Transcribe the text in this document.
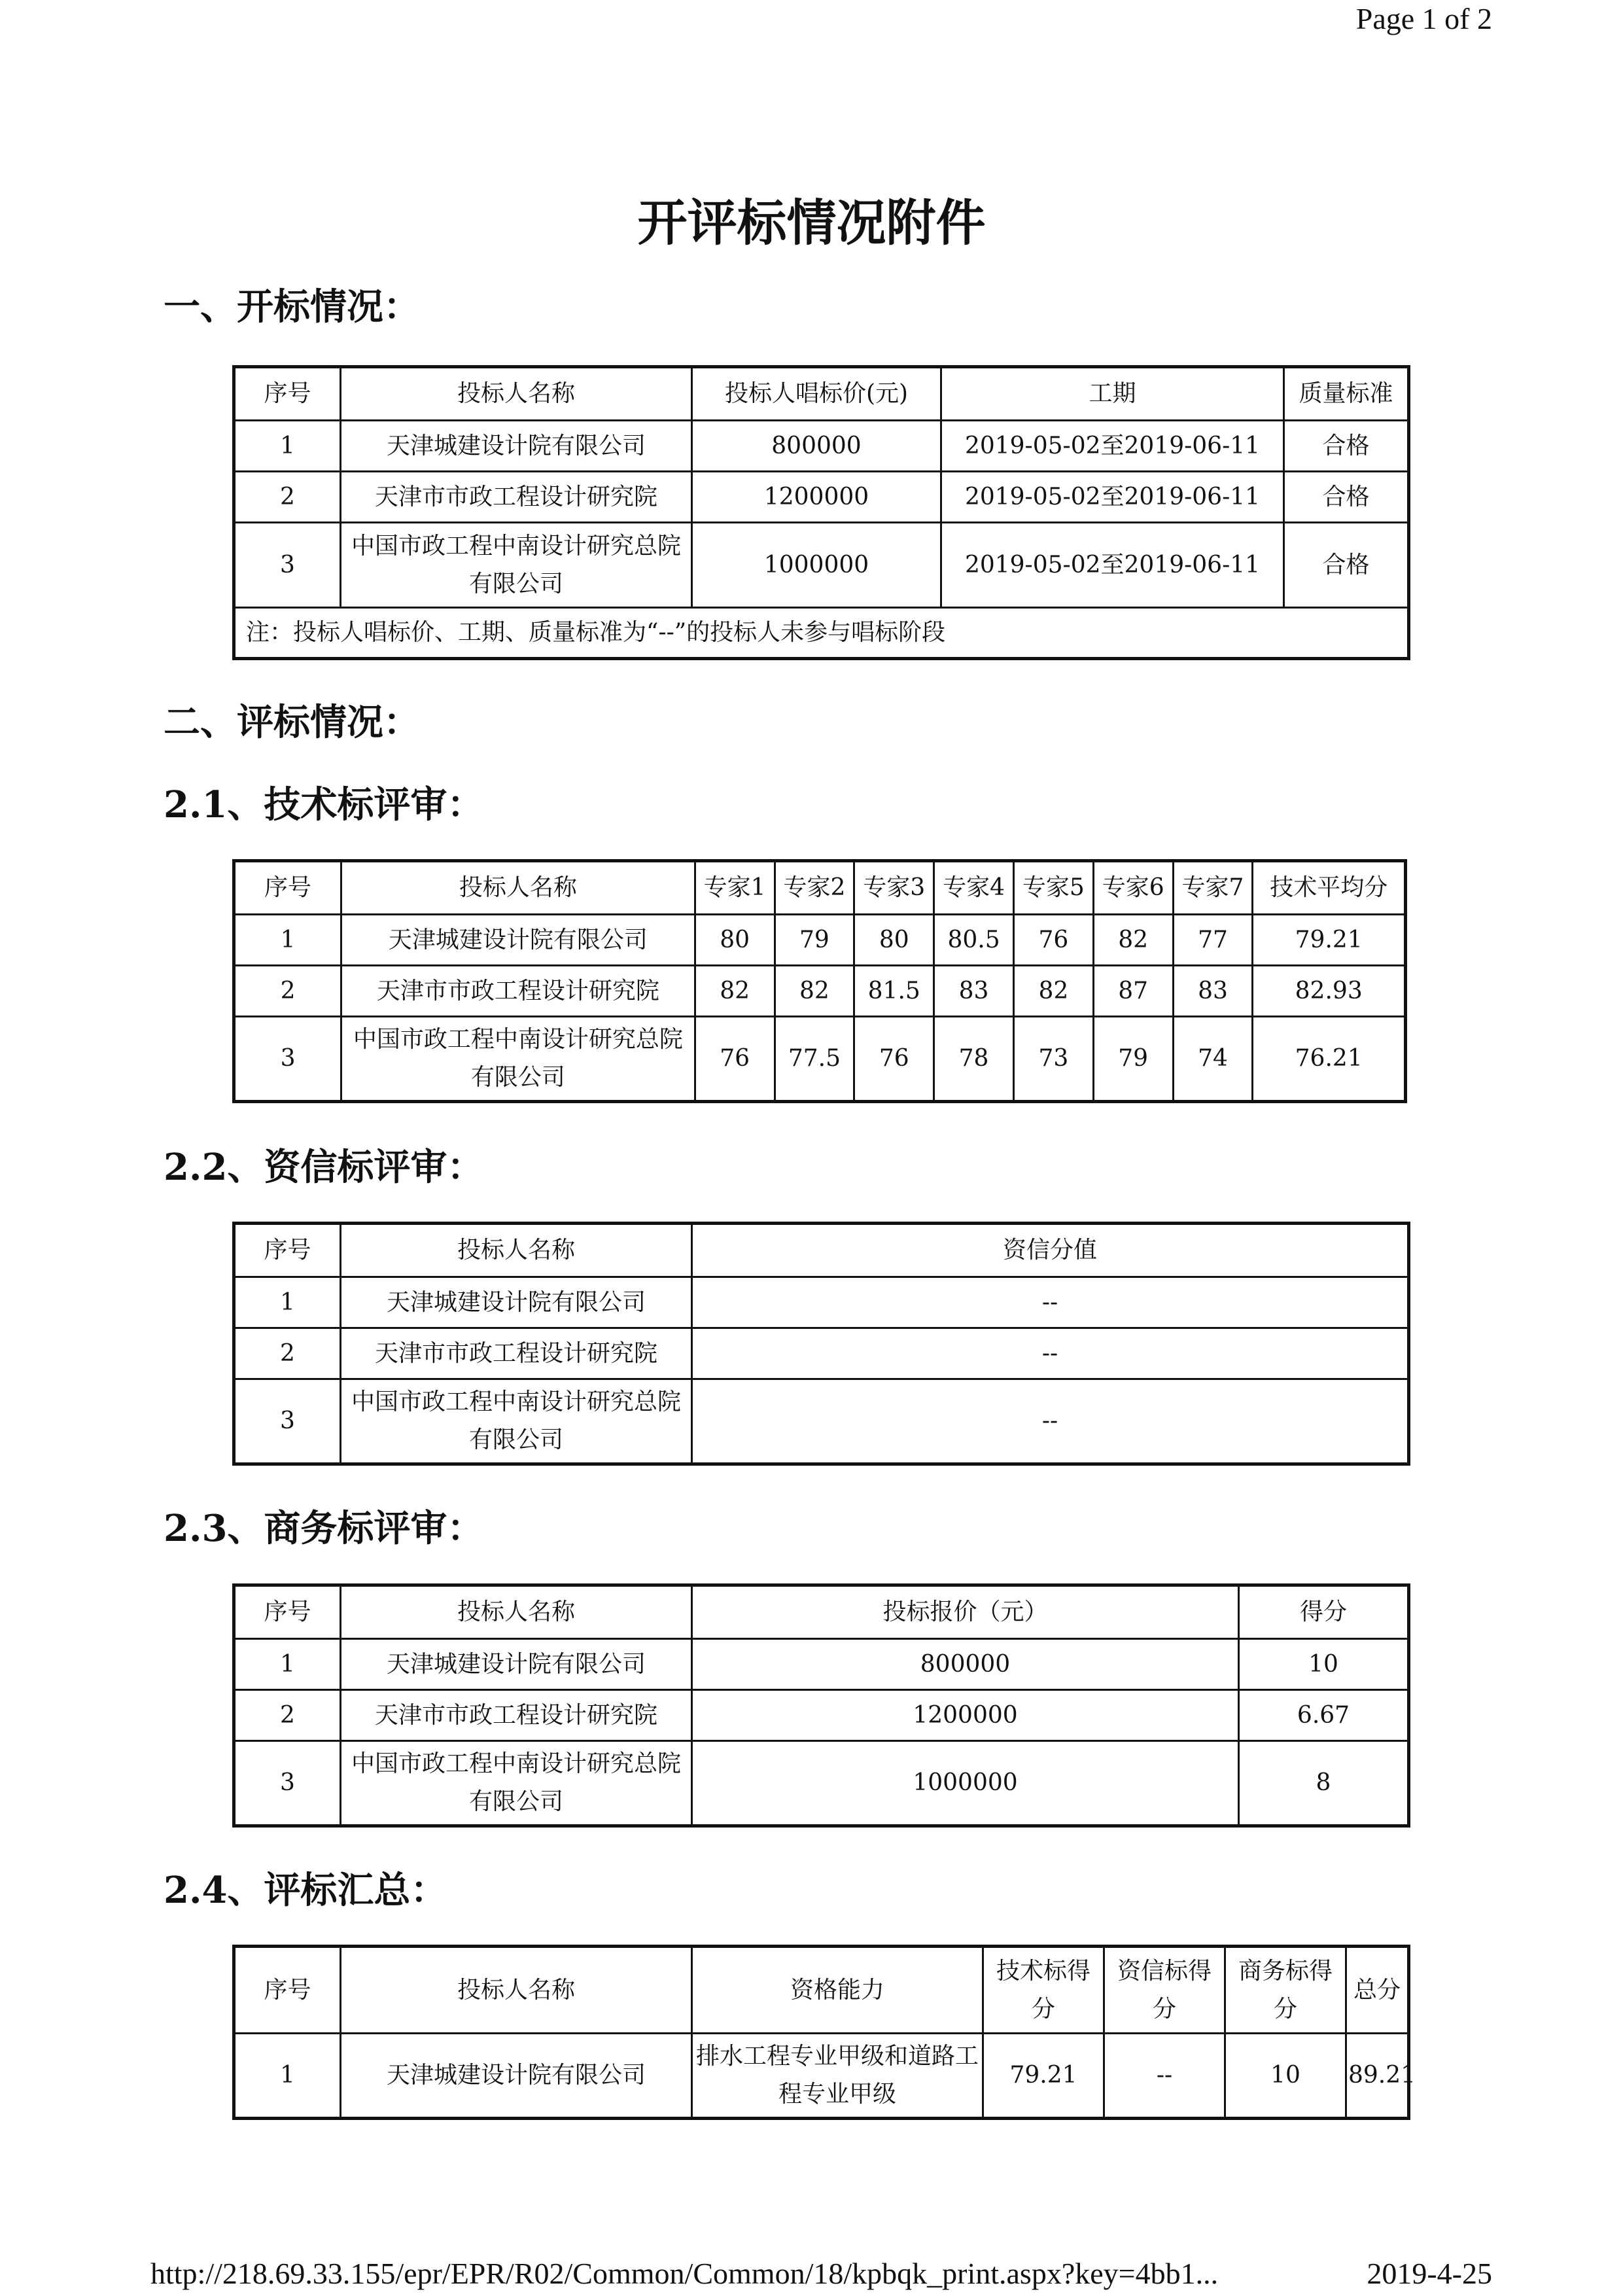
Page 1 of 2
开评标情况附件
一、开标情况：
序号	投标人名称	投标人唱标价(元)	工期	质量标准
1	天津城建设计院有限公司	800000	2019-05-02至2019-06-11	合格
2	天津市市政工程设计研究院	1200000	2019-05-02至2019-06-11	合格
3	中国市政工程中南设计研究总院有限公司	1000000	2019-05-02至2019-06-11	合格
注：投标人唱标价、工期、质量标准为“--”的投标人未参与唱标阶段				
二、评标情况：
2.1、技术标评审：
序号	投标人名称	专家1	专家2	专家3	专家4	专家5	专家6	专家7	技术平均分
1	天津城建设计院有限公司	80	79	80	80.5	76	82	77	79.21
2	天津市市政工程设计研究院	82	82	81.5	83	82	87	83	82.93
3	中国市政工程中南设计研究总院有限公司	76	77.5	76	78	73	79	74	76.21
2.2、资信标评审：
序号	投标人名称	资信分值
1	天津城建设计院有限公司	--
2	天津市市政工程设计研究院	--
3	中国市政工程中南设计研究总院有限公司	--
2.3、商务标评审：
序号	投标人名称	投标报价（元）	得分
1	天津城建设计院有限公司	800000	10
2	天津市市政工程设计研究院	1200000	6.67
3	中国市政工程中南设计研究总院有限公司	1000000	8
2.4、评标汇总：
序号	投标人名称	资格能力	技术标得分	资信标得分	商务标得分	总分
1	天津城建设计院有限公司	排水工程专业甲级和道路工程专业甲级	79.21	--	10	89.21
http://218.69.33.155/epr/EPR/R02/Common/Common/18/kpbqk_print.aspx?key=4bb1...	2019-4-25
